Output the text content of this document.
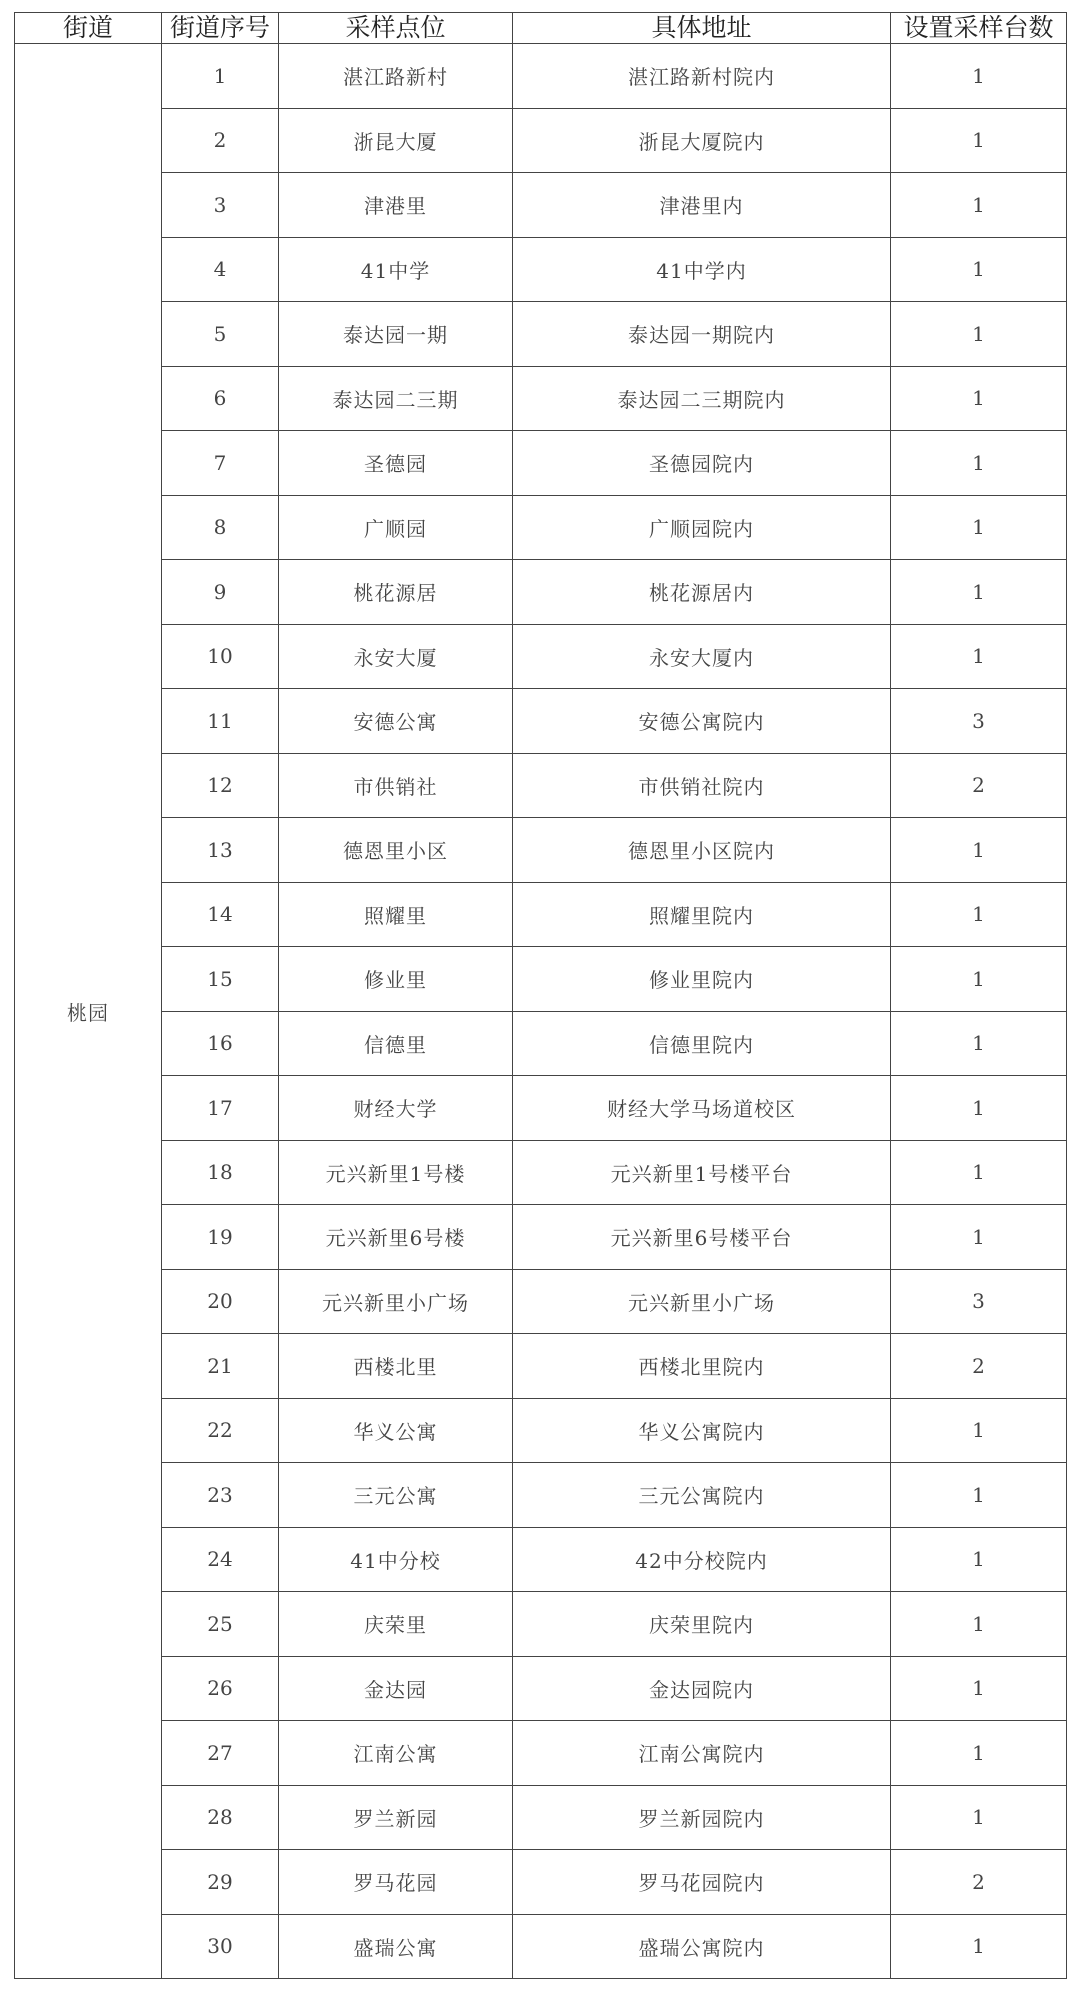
街道	街道序号	采样点位	具体地址	设置采样台数
桃园	1	湛江路新村	湛江路新村院内	1
	2	浙昆大厦	浙昆大厦院内	1
	3	津港里	津港里内	1
	4	41中学	41中学内	1
	5	泰达园一期	泰达园一期院内	1
	6	泰达园二三期	泰达园二三期院内	1
	7	圣德园	圣德园院内	1
	8	广顺园	广顺园院内	1
	9	桃花源居	桃花源居内	1
	10	永安大厦	永安大厦内	1
	11	安德公寓	安德公寓院内	3
	12	市供销社	市供销社院内	2
	13	德恩里小区	德恩里小区院内	1
	14	照耀里	照耀里院内	1
	15	修业里	修业里院内	1
	16	信德里	信德里院内	1
	17	财经大学	财经大学马场道校区	1
	18	元兴新里1号楼	元兴新里1号楼平台	1
	19	元兴新里6号楼	元兴新里6号楼平台	1
	20	元兴新里小广场	元兴新里小广场	3
	21	西楼北里	西楼北里院内	2
	22	华义公寓	华义公寓院内	1
	23	三元公寓	三元公寓院内	1
	24	41中分校	42中分校院内	1
	25	庆荣里	庆荣里院内	1
	26	金达园	金达园院内	1
	27	江南公寓	江南公寓院内	1
	28	罗兰新园	罗兰新园院内	1
	29	罗马花园	罗马花园院内	2
	30	盛瑞公寓	盛瑞公寓院内	1
